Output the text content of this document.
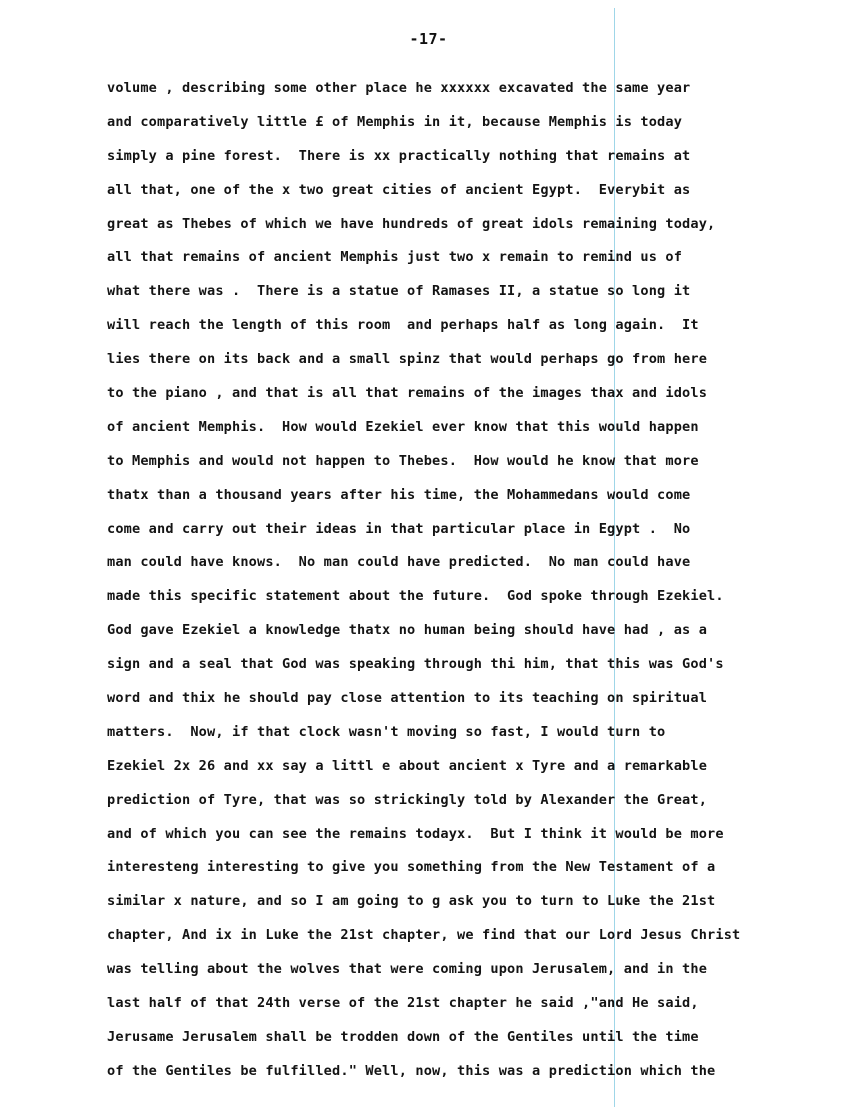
-17-
volume , describing some other place he xxxxxx excavated the same year
and comparatively little £ of Memphis in it, because Memphis is today
simply a pine forest.  There is xx practically nothing that remains at
all that, one of the x two great cities of ancient Egypt.  Everybit as
great as Thebes of which we have hundreds of great idols remaining today,
all that remains of ancient Memphis just two x remain to remind us of
what there was .  There is a statue of Ramases II, a statue so long it
will reach the length of this room  and perhaps half as long again.  It
lies there on its back and a small spinz that would perhaps go from here
to the piano , and that is all that remains of the images thax and idols
of ancient Memphis.  How would Ezekiel ever know that this would happen
to Memphis and would not happen to Thebes.  How would he know that more
thatx than a thousand years after his time, the Mohammedans would come
come and carry out their ideas in that particular place in Egypt .  No
man could have knows.  No man could have predicted.  No man could have
made this specific statement about the future.  God spoke through Ezekiel.
God gave Ezekiel a knowledge thatx no human being should have had , as a
sign and a seal that God was speaking through thi him, that this was God's
word and thix he should pay close attention to its teaching on spiritual
matters.  Now, if that clock wasn't moving so fast, I would turn to
Ezekiel 2x 26 and xx say a littl e about ancient x Tyre and a remarkable
prediction of Tyre, that was so strickingly told by Alexander the Great,
and of which you can see the remains todayx.  But I think it would be more
interesteng interesting to give you something from the New Testament of a
similar x nature, and so I am going to g ask you to turn to Luke the 21st
chapter, And ix in Luke the 21st chapter, we find that our Lord Jesus Christ
was telling about the wolves that were coming upon Jerusalem, and in the
last half of that 24th verse of the 21st chapter he said ,"and He said,
Jerusame Jerusalem shall be trodden down of the Gentiles until the time
of the Gentiles be fulfilled." Well, now, this was a prediction which the
